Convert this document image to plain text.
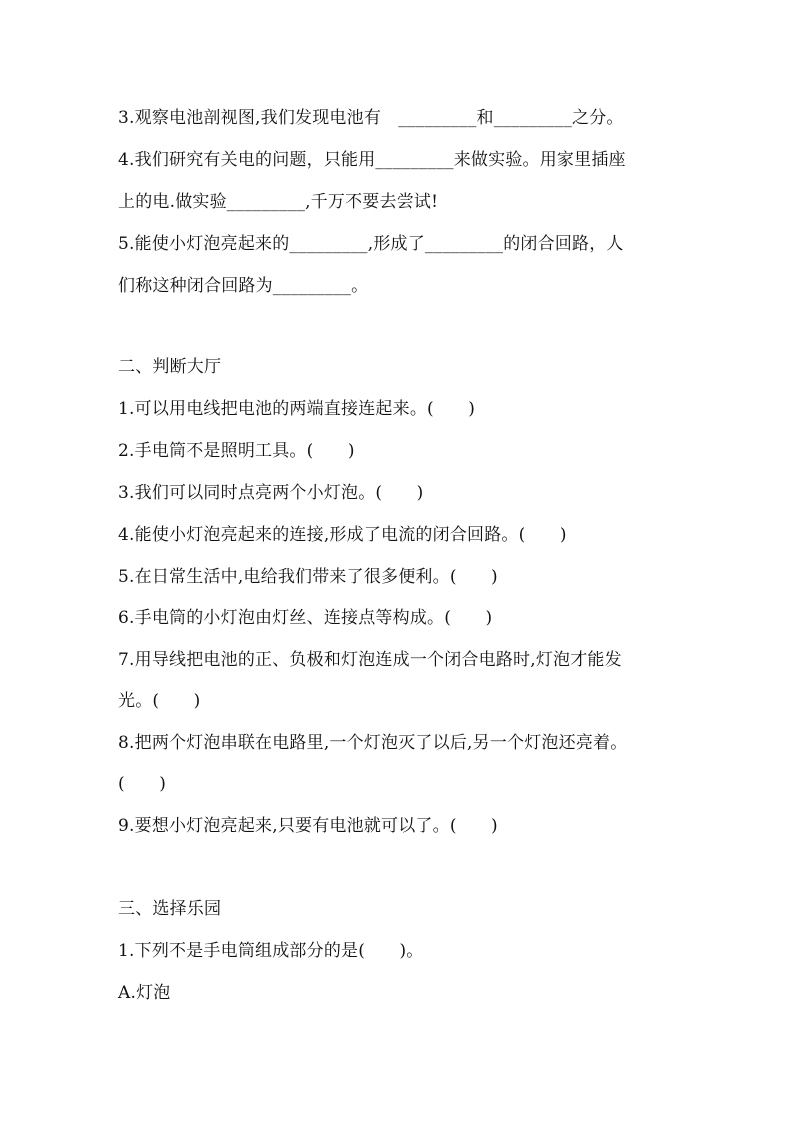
3.观察电池剖视图,我们发现电池有　_________和_________之分。
4.我们研究有关电的问题，只能用_________来做实验。用家里插座
上的电.做实验_________,千万不要去尝试!
5.能使小灯泡亮起来的_________,形成了_________的闭合回路，人
们称这种闭合回路为_________。
二、判断大厅
1.可以用电线把电池的两端直接连起来。(　　)
2.手电筒不是照明工具。(　　)
3.我们可以同时点亮两个小灯泡。(　　)
4.能使小灯泡亮起来的连接,形成了电流的闭合回路。(　　)
5.在日常生活中,电给我们带来了很多便利。(　　)
6.手电筒的小灯泡由灯丝、连接点等构成。(　　)
7.用导线把电池的正、负极和灯泡连成一个闭合电路时,灯泡才能发
光。(　　)
8.把两个灯泡串联在电路里,一个灯泡灭了以后,另一个灯泡还亮着。
(　　)
9.要想小灯泡亮起来,只要有电池就可以了。(　　)
三、选择乐园
1.下列不是手电筒组成部分的是(　　)。
A.灯泡
